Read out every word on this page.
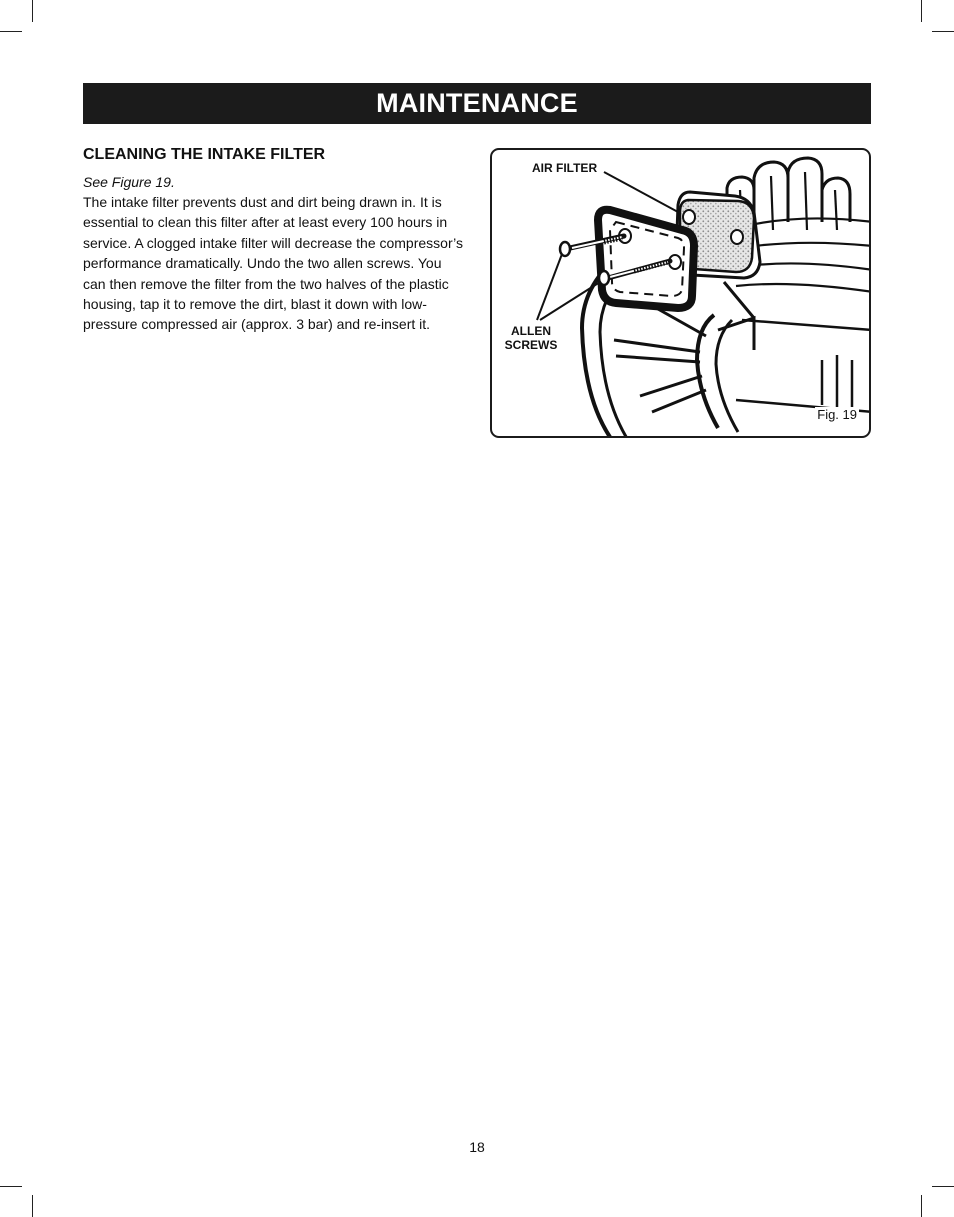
MAINTENANCE
CLEANING THE INTAKE FILTER
See Figure 19.

The intake filter prevents dust and dirt being drawn in. It is essential to clean this filter after at least every 100 hours in service. A clogged intake filter will decrease the compressor’s performance dramatically. Undo the two allen screws. You can then remove the filter from the two halves of the plastic housing, tap it to remove the dirt, blast it down with low-pressure compressed air (approx. 3 bar) and re-insert it.

AIR FILTER
ALLEN
SCREWS
Fig. 19
18
